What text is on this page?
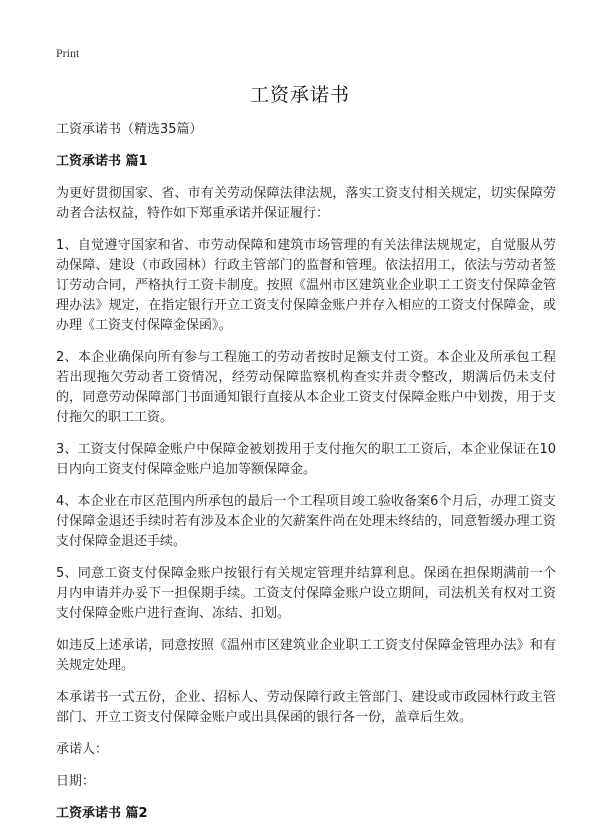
Print
工资承诺书

工资承诺书（精选35篇）

工资承诺书 篇1

为更好贯彻国家、省、市有关劳动保障法律法规，落实工资支付相关规定，切实保障劳动者合法权益，特作如下郑重承诺并保证履行：

1、自觉遵守国家和省、市劳动保障和建筑市场管理的有关法律法规规定，自觉服从劳动保障、建设（市政园林）行政主管部门的监督和管理。依法招用工，依法与劳动者签订劳动合同，严格执行工资卡制度。按照《温州市区建筑业企业职工工资支付保障金管理办法》规定，在指定银行开立工资支付保障金账户并存入相应的工资支付保障金，或办理《工资支付保障金保函》。

2、本企业确保向所有参与工程施工的劳动者按时足额支付工资。本企业及所承包工程若出现拖欠劳动者工资情况，经劳动保障监察机构查实并责令整改，期满后仍未支付的，同意劳动保障部门书面通知银行直接从本企业工资支付保障金账户中划拨，用于支付拖欠的职工工资。

3、工资支付保障金账户中保障金被划拨用于支付拖欠的职工工资后，本企业保证在10日内向工资支付保障金账户追加等额保障金。

4、本企业在市区范围内所承包的最后一个工程项目竣工验收备案6个月后，办理工资支付保障金退还手续时若有涉及本企业的欠薪案件尚在处理未终结的，同意暂缓办理工资支付保障金退还手续。

5、同意工资支付保障金账户按银行有关规定管理并结算利息。保函在担保期满前一个月内申请并办妥下一担保期手续。工资支付保障金账户设立期间，司法机关有权对工资支付保障金账户进行查询、冻结、扣划。

如违反上述承诺，同意按照《温州市区建筑业企业职工工资支付保障金管理办法》和有关规定处理。

本承诺书一式五份，企业、招标人、劳动保障行政主管部门、建设或市政园林行政主管部门、开立工资支付保障金账户或出具保函的银行各一份，盖章后生效。

承诺人：

日期：

工资承诺书 篇2
